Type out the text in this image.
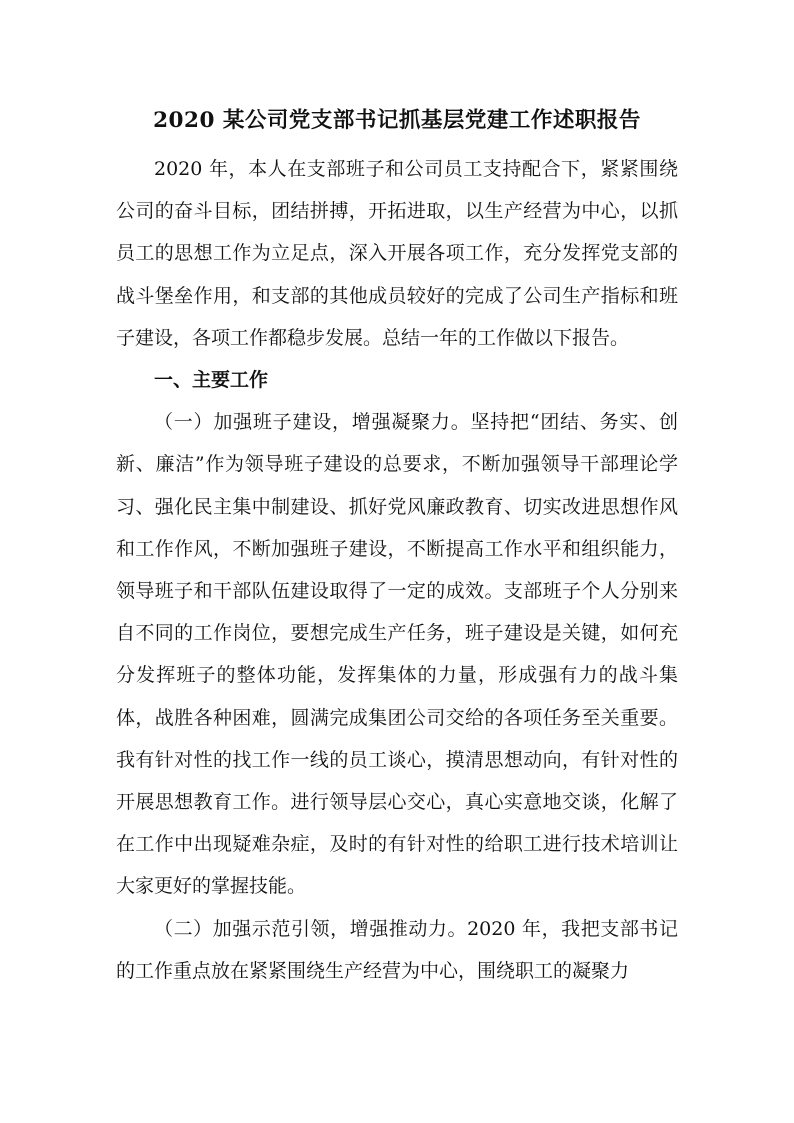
2020 某公司党支部书记抓基层党建工作述职报告

2020 年，本人在支部班子和公司员工支持配合下，紧紧围绕公司的奋斗目标，团结拼搏，开拓进取，以生产经营为中心，以抓员工的思想工作为立足点，深入开展各项工作，充分发挥党支部的战斗堡垒作用，和支部的其他成员较好的完成了公司生产指标和班子建设，各项工作都稳步发展。总结一年的工作做以下报告。

一、主要工作

（一）加强班子建设，增强凝聚力。坚持把“团结、务实、创新、廉洁”作为领导班子建设的总要求，不断加强领导干部理论学习、强化民主集中制建设、抓好党风廉政教育、切实改进思想作风和工作作风，不断加强班子建设，不断提高工作水平和组织能力，领导班子和干部队伍建设取得了一定的成效。支部班子个人分别来自不同的工作岗位，要想完成生产任务，班子建设是关键，如何充分发挥班子的整体功能，发挥集体的力量，形成强有力的战斗集体，战胜各种困难，圆满完成集团公司交给的各项任务至关重要。我有针对性的找工作一线的员工谈心，摸清思想动向，有针对性的开展思想教育工作。进行领导层心交心，真心实意地交谈，化解了在工作中出现疑难杂症，及时的有针对性的给职工进行技术培训让大家更好的掌握技能。

（二）加强示范引领，增强推动力。2020 年，我把支部书记的工作重点放在紧紧围绕生产经营为中心，围绕职工的凝聚力
